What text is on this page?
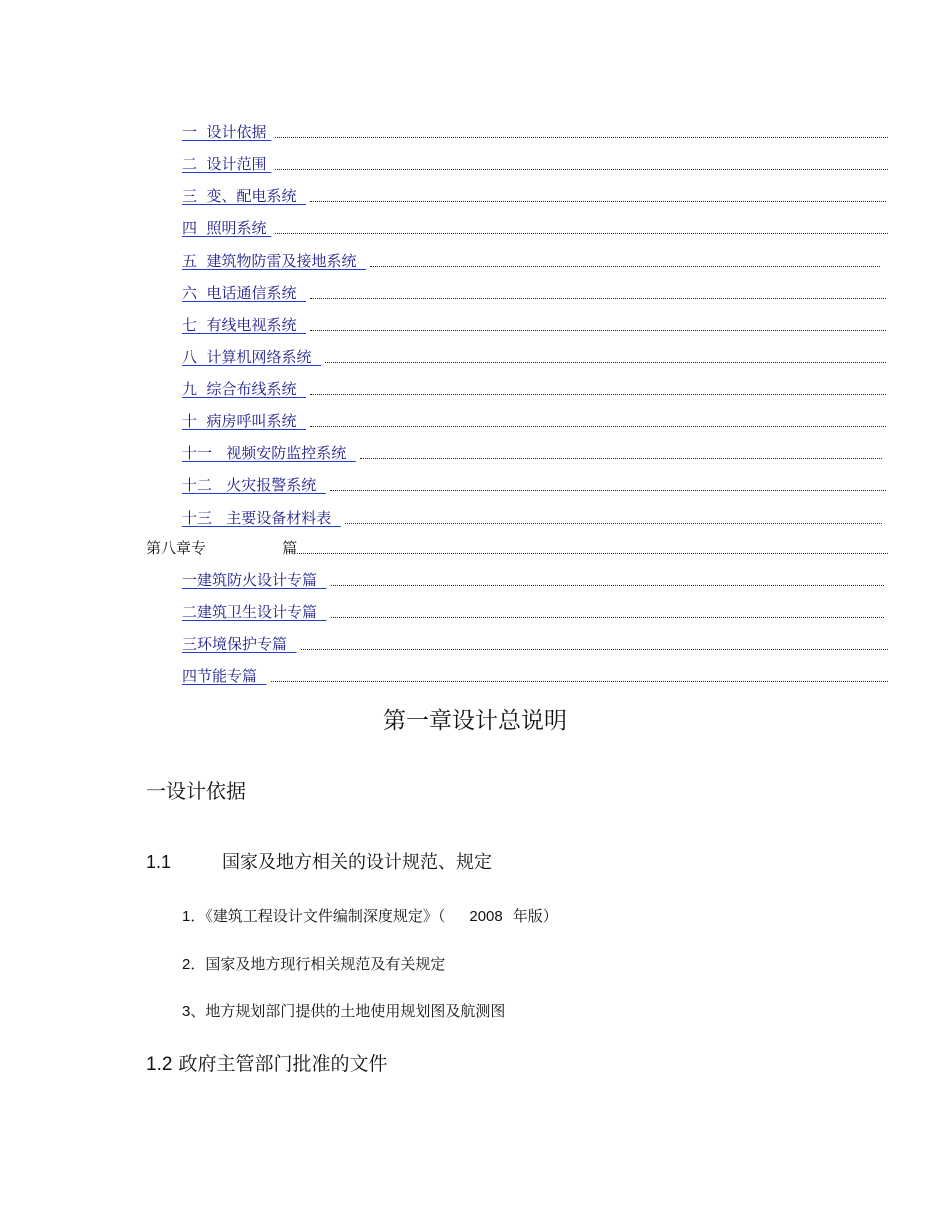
一  设计依据
二  设计范围
三  变、配电系统
四  照明系统
五  建筑物防雷及接地系统
六  电话通信系统
七  有线电视系统
八  计算机网络系统
九  综合布线系统
十  病房呼叫系统
十一   视频安防监控系统
十二   火灾报警系统
十三   主要设备材料表
第八章专                篇
一建筑防火设计专篇
二建筑卫生设计专篇
三环境保护专篇
四节能专篇
第一章设计总说明
一设计依据
1.1	国家及地方相关的设计规范、规定
1．《建筑工程设计文件编制深度规定》（ 2008 年版）
2．国家及地方现行相关规范及有关规定
3、地方规划部门提供的土地使用规划图及航测图
1.2 政府主管部门批准的文件
